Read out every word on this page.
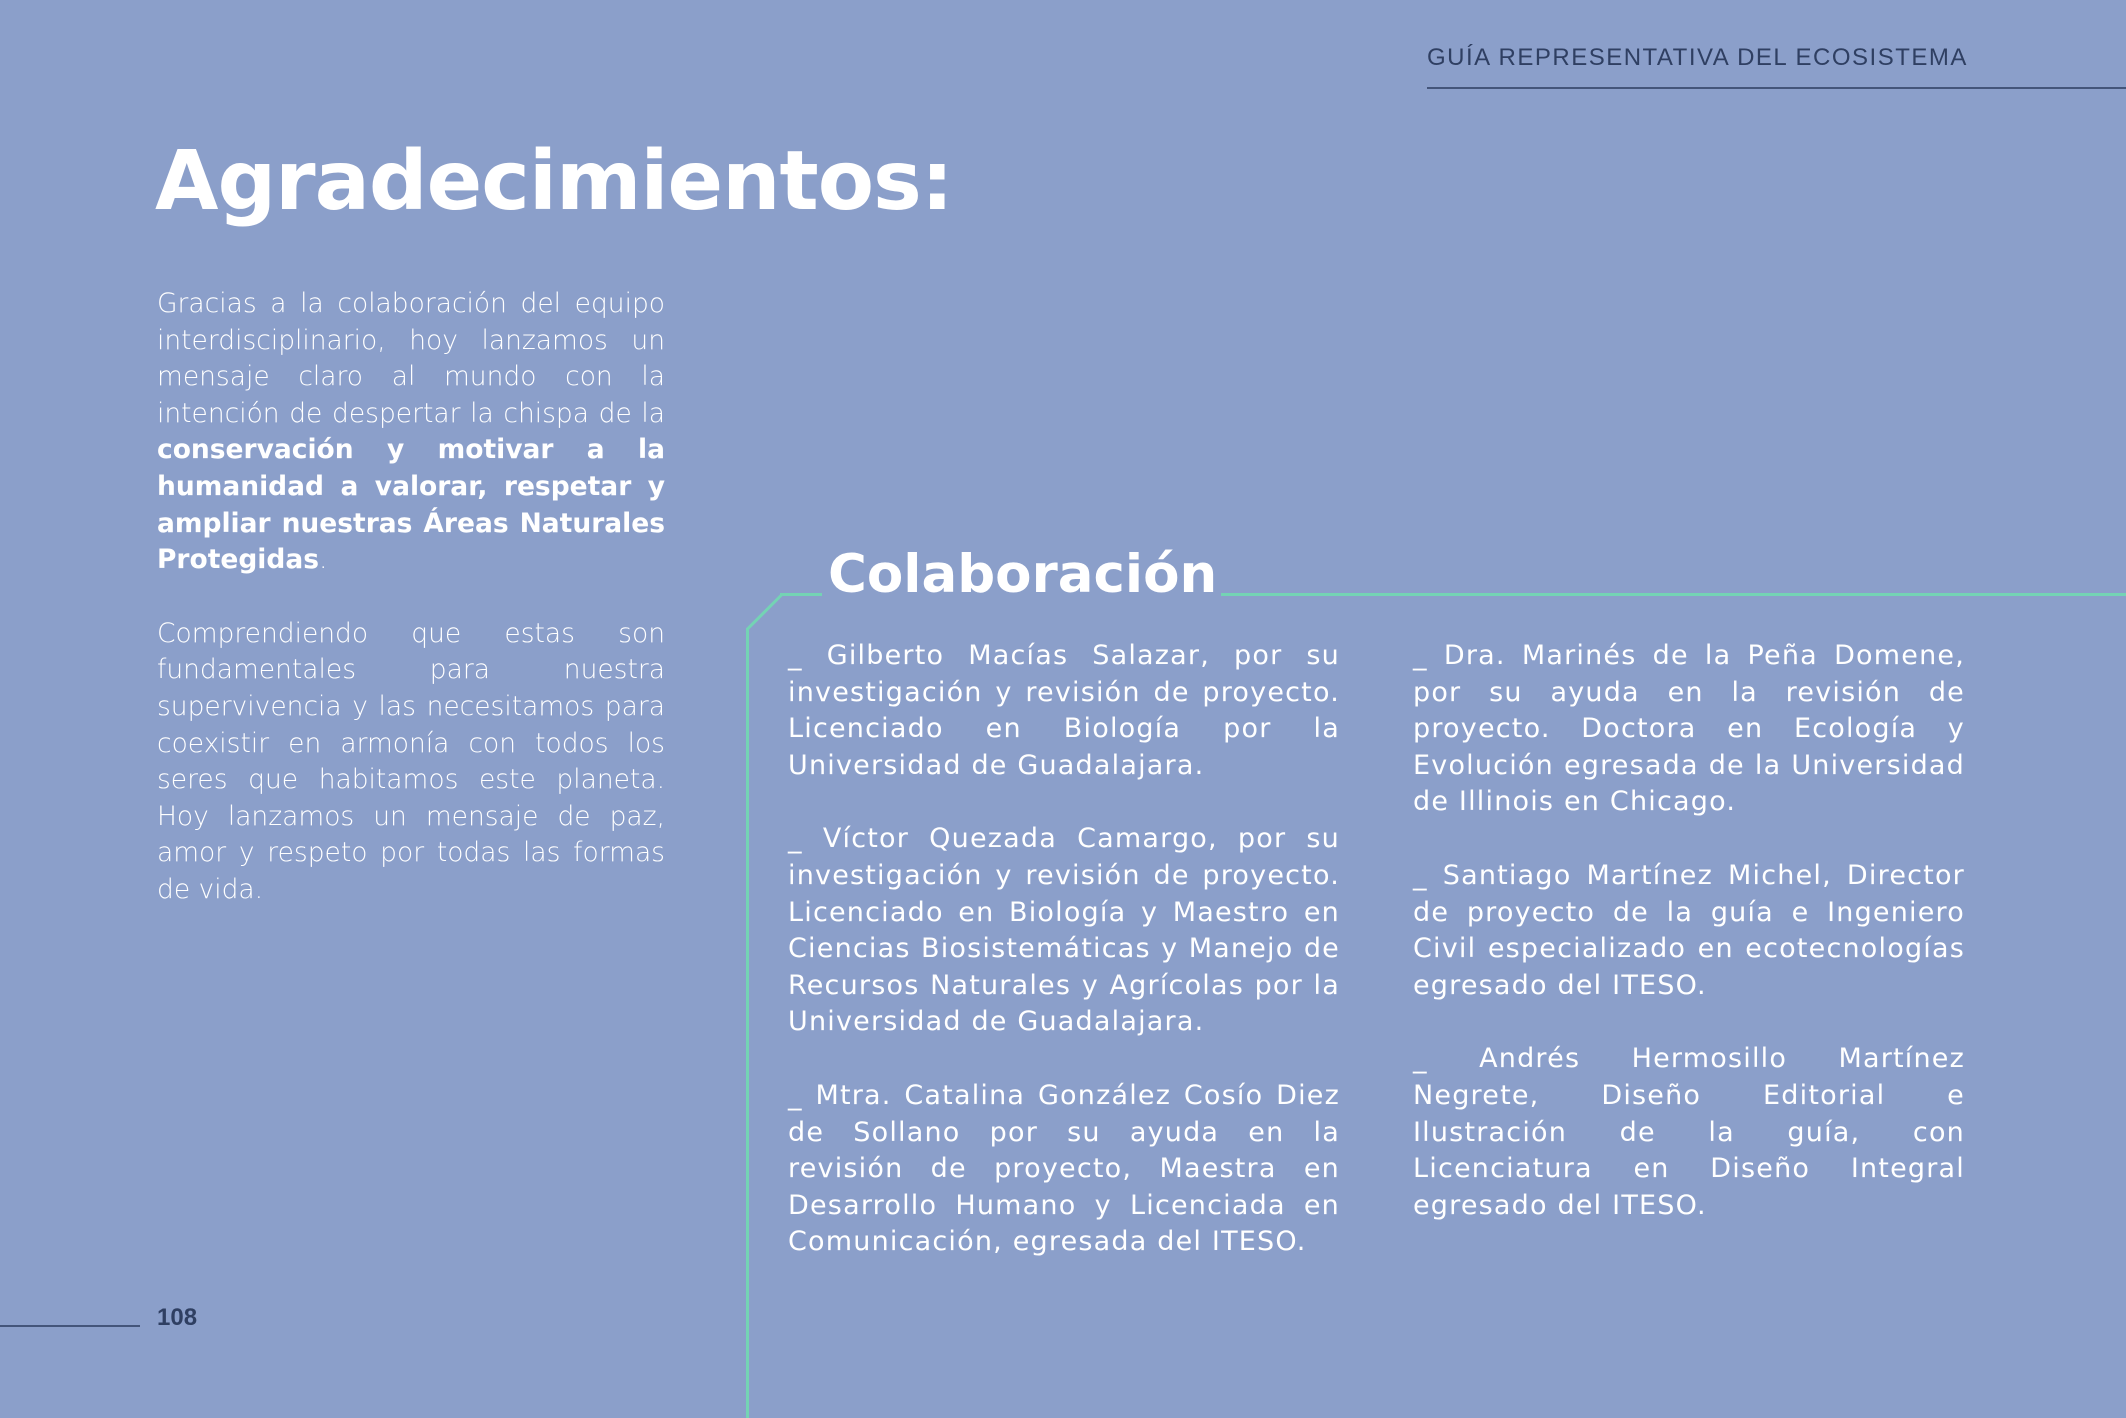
GUÍA REPRESENTATIVA DEL ECOSISTEMA
Agradecimientos:

Gracias a la colaboración del equipo interdisciplinario, hoy lanzamos un mensaje claro al mundo con la intención de despertar la chispa de la conservación y motivar a la humanidad a valorar, respetar y ampliar nuestras Áreas Naturales Protegidas.

Comprendiendo que estas son fundamentales para nuestra supervivencia y las necesitamos para coexistir en armonía con todos los seres que habitamos este planeta. Hoy lanzamos un mensaje de paz, amor y respeto por todas las formas de vida.

Colaboración

_ Gilberto Macías Salazar, por su investigación y revisión de proyecto. Licenciado en Biología por la Universidad de Guadalajara.

_ Víctor Quezada Camargo, por su investigación y revisión de proyecto. Licenciado en Biología y Maestro en Ciencias Biosistemáticas y Manejo de Recursos Naturales y Agrícolas por la Universidad de Guadalajara.

_ Mtra. Catalina González Cosío Diez de Sollano por su ayuda en la revisión de proyecto, Maestra en Desarrollo Humano y Licenciada en Comunicación, egresada del ITESO.

_ Dra. Marinés de la Peña Domene, por su ayuda en la revisión de proyecto. Doctora en Ecología y Evolución egresada de la Universidad de Illinois en Chicago.

_ Santiago Martínez Michel, Director de proyecto de la guía e Ingeniero Civil especializado en ecotecnologías egresado del ITESO.

_ Andrés Hermosillo Martínez Negrete, Diseño Editorial e Ilustración de la guía, con Licenciatura en Diseño Integral egresado del ITESO.

108
